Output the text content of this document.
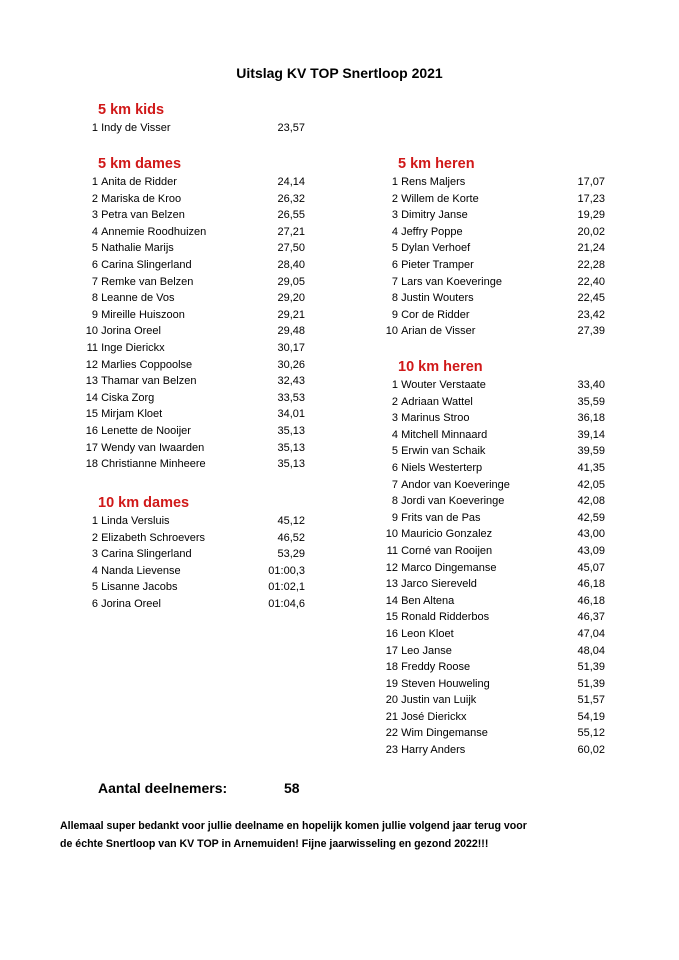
Uitslag KV TOP Snertloop 2021
5 km kids
1 Indy de Visser	23,57
5 km dames
1 Anita de Ridder	24,14
2 Mariska de Kroo	26,32
3 Petra van Belzen	26,55
4 Annemie Roodhuizen	27,21
5 Nathalie Marijs	27,50
6 Carina Slingerland	28,40
7 Remke van Belzen	29,05
8 Leanne de Vos	29,20
9 Mireille Huiszoon	29,21
10 Jorina Oreel	29,48
11 Inge Dierickx	30,17
12 Marlies Coppoolse	30,26
13 Thamar van Belzen	32,43
14 Ciska Zorg	33,53
15 Mirjam Kloet	34,01
16 Lenette de Nooijer	35,13
17 Wendy van Iwaarden	35,13
18 Christianne Minheere	35,13
10 km dames
1 Linda Versluis	45,12
2 Elizabeth Schroevers	46,52
3 Carina Slingerland	53,29
4 Nanda Lievense	01:00,3
5 Lisanne Jacobs	01:02,1
6 Jorina Oreel	01:04,6
5 km heren
1 Rens Maljers	17,07
2 Willem de Korte	17,23
3 Dimitry Janse	19,29
4 Jeffry Poppe	20,02
5 Dylan Verhoef	21,24
6 Pieter Tramper	22,28
7 Lars van Koeveringe	22,40
8 Justin Wouters	22,45
9 Cor de Ridder	23,42
10 Arian de Visser	27,39
10 km heren
1 Wouter Verstaate	33,40
2 Adriaan Wattel	35,59
3 Marinus Stroo	36,18
4 Mitchell Minnaard	39,14
5 Erwin van Schaik	39,59
6 Niels Westerterp	41,35
7 Andor van Koeveringe	42,05
8 Jordi van Koeveringe	42,08
9 Frits van de Pas	42,59
10 Mauricio Gonzalez	43,00
11 Corné van Rooijen	43,09
12 Marco Dingemanse	45,07
13 Jarco Siereveld	46,18
14 Ben Altena	46,18
15 Ronald Ridderbos	46,37
16 Leon Kloet	47,04
17 Leo Janse	48,04
18 Freddy Roose	51,39
19 Steven Houweling	51,39
20 Justin van Luijk	51,57
21 José Dierickx	54,19
22 Wim Dingemanse	55,12
23 Harry Anders	60,02
Aantal deelnemers:	58
Allemaal super bedankt voor jullie deelname en hopelijk komen jullie volgend jaar terug voor
de échte Snertloop van KV TOP in Arnemuiden! Fijne jaarwisseling en gezond 2022!!!
